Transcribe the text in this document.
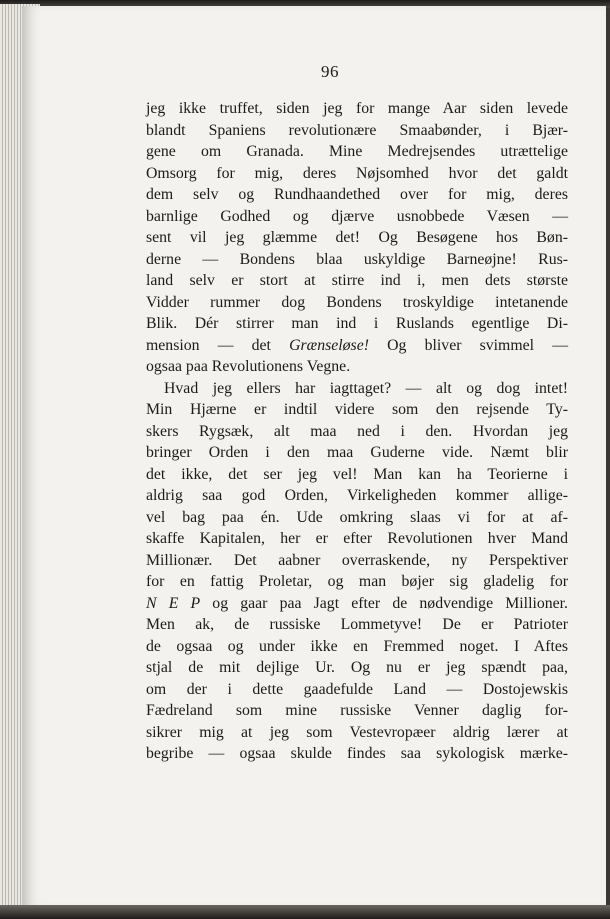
96
jeg ikke truffet, siden jeg for mange Aar siden levede
blandt Spaniens revolutionære Smaabønder, i Bjær-
gene om Granada. Mine Medrejsendes utrættelige
Omsorg for mig, deres Nøjsomhed hvor det galdt
dem selv og Rundhaandethed over for mig, deres
barnlige Godhed og djærve usnobbede Væsen —
sent vil jeg glæmme det! Og Besøgene hos Bøn-
derne — Bondens blaa uskyldige Barneøjne! Rus-
land selv er stort at stirre ind i, men dets største
Vidder rummer dog Bondens troskyldige intetanende
Blik. Dér stirrer man ind i Ruslands egentlige Di-
mension — det Grænseløse! Og bliver svimmel —
ogsaa paa Revolutionens Vegne.
Hvad jeg ellers har iagttaget? — alt og dog intet!
Min Hjærne er indtil videre som den rejsende Ty-
skers Rygsæk, alt maa ned i den. Hvordan jeg
bringer Orden i den maa Guderne vide. Næmt blir
det ikke, det ser jeg vel! Man kan ha Teorierne i
aldrig saa god Orden, Virkeligheden kommer allige-
vel bag paa én. Ude omkring slaas vi for at af-
skaffe Kapitalen, her er efter Revolutionen hver Mand
Millionær. Det aabner overraskende, ny Perspektiver
for en fattig Proletar, og man bøjer sig gladelig for
N E P og gaar paa Jagt efter de nødvendige Millioner.
Men ak, de russiske Lommetyve! De er Patrioter
de ogsaa og under ikke en Fremmed noget. I Aftes
stjal de mit dejlige Ur. Og nu er jeg spændt paa,
om der i dette gaadefulde Land — Dostojewskis
Fædreland som mine russiske Venner daglig for-
sikrer mig at jeg som Vestevropæer aldrig lærer at
begribe — ogsaa skulde findes saa sykologisk mærke-
